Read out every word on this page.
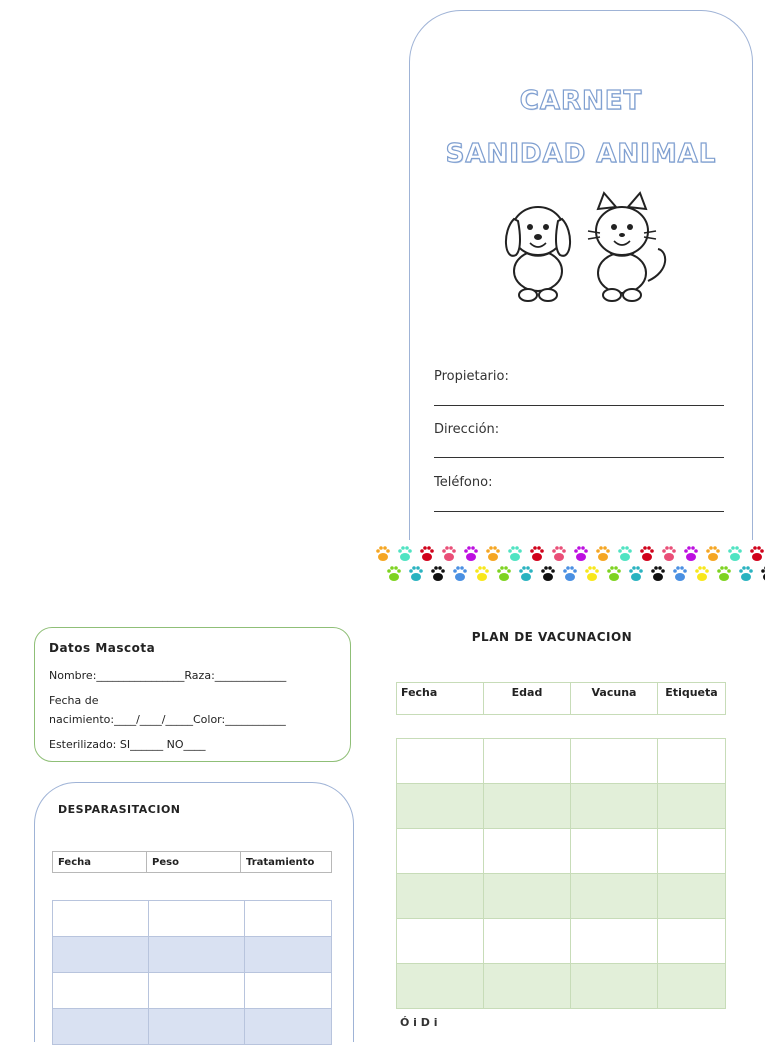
CARNET
SANIDAD ANIMAL
Propietario:
Dirección:
Teléfono:
Datos Mascota
Nombre:________________Raza:_____________
Fecha de
nacimiento:____/____/_____Color:___________
Esterilizado: SI______ NO____
DESPARASITACION
Fecha	Peso	Tratamiento

PLAN DE VACUNACION
Fecha	Edad	Vacuna	Etiqueta

Ó i D i
